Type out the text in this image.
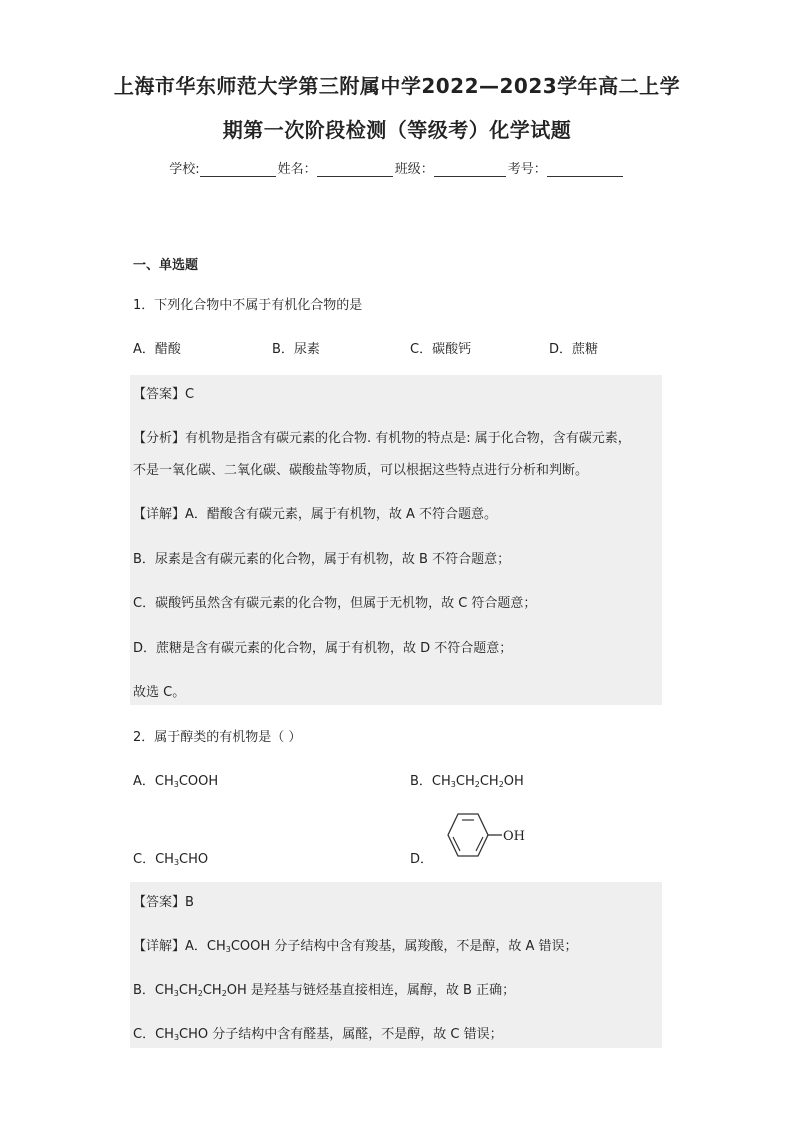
上海市华东师范大学第三附属中学2022—2023学年高二上学
期第一次阶段检测（等级考）化学试题
学校:	姓名：	班级：	考号：
一、单选题
1．下列化合物中不属于有机化合物的是
A．醋酸	B．尿素	C．碳酸钙	D．蔗糖
【答案】C
【分析】有机物是指含有碳元素的化合物. 有机物的特点是: 属于化合物，含有碳元素，
不是一氧化碳、二氧化碳、碳酸盐等物质，可以根据这些特点进行分析和判断。
【详解】A．醋酸含有碳元素，属于有机物，故 A 不符合题意。
B．尿素是含有碳元素的化合物，属于有机物，故 B 不符合题意；
C．碳酸钙虽然含有碳元素的化合物，但属于无机物，故 C 符合题意；
D．蔗糖是含有碳元素的化合物，属于有机物，故 D 不符合题意；
故选 C。
2．属于醇类的有机物是（ ）
A．$CH_3COOH$	B．$CH_3CH_2CH_2OH$
C．$CH_3CHO$	D．
OH
【答案】B
【详解】A．$CH_3COOH$ 分子结构中含有羧基，属羧酸，不是醇，故 A 错误；
B．$CH_3CH_2CH_2OH$ 是羟基与链烃基直接相连，属醇，故 B 正确；
C．$CH_3CHO$ 分子结构中含有醛基，属醛，不是醇，故 C 错误；
